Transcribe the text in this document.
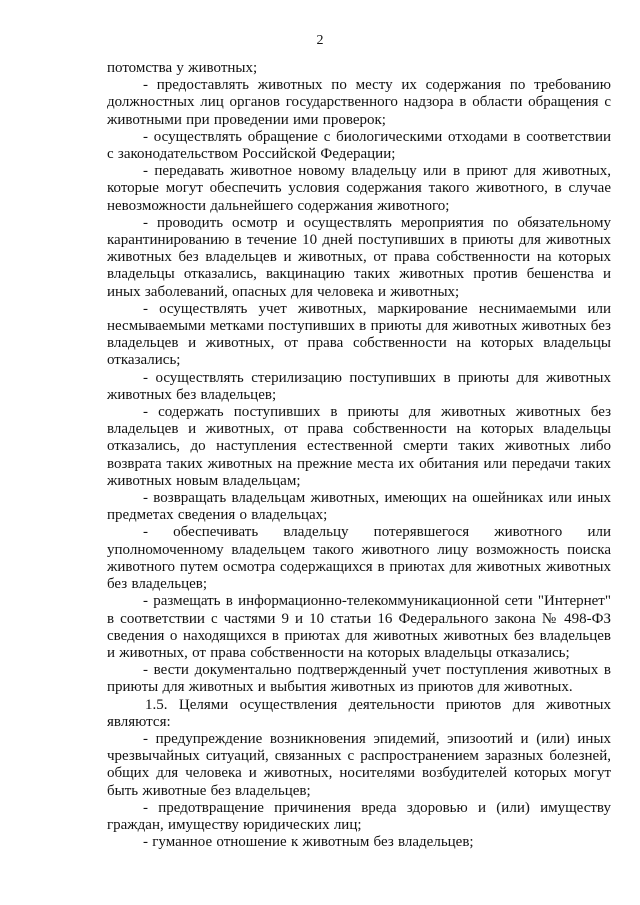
2

потомства у животных;

- предоставлять животных по месту их содержания по требованию должностных лиц органов государственного надзора в области обращения с животными при проведении ими проверок;

- осуществлять обращение с биологическими отходами в соответствии с законодательством Российской Федерации;

- передавать животное новому владельцу или в приют для животных, которые могут обеспечить условия содержания такого животного, в случае невозможности дальнейшего содержания животного;

- проводить осмотр и осуществлять мероприятия по обязательному карантинированию в течение 10 дней поступивших в приюты для животных животных без владельцев и животных, от права собственности на которых владельцы отказались, вакцинацию таких животных против бешенства и иных заболеваний, опасных для человека и животных;

- осуществлять учет животных, маркирование неснимаемыми или несмываемыми метками поступивших в приюты для животных животных без владельцев и животных, от права собственности на которых владельцы отказались;

- осуществлять стерилизацию поступивших в приюты для животных животных без владельцев;

- содержать поступивших в приюты для животных животных без владельцев и животных, от права собственности на которых владельцы отказались, до наступления естественной смерти таких животных либо возврата таких животных на прежние места их обитания или передачи таких животных новым владельцам;

- возвращать владельцам животных, имеющих на ошейниках или иных предметах сведения о владельцах;

- обеспечивать владельцу потерявшегося животного или уполномоченному владельцем такого животного лицу возможность поиска животного путем осмотра содержащихся в приютах для животных животных без владельцев;

- размещать в информационно-телекоммуникационной сети "Интернет" в соответствии с частями 9 и 10 статьи 16 Федерального закона № 498-ФЗ сведения о находящихся в приютах для животных животных без владельцев и животных, от права собственности на которых владельцы отказались;

- вести документально подтвержденный учет поступления животных в приюты для животных и выбытия животных из приютов для животных.

1.5. Целями осуществления деятельности приютов для животных являются:

- предупреждение возникновения эпидемий, эпизоотий и (или) иных чрезвычайных ситуаций, связанных с распространением заразных болезней, общих для человека и животных, носителями возбудителей которых могут быть животные без владельцев;

- предотвращение причинения вреда здоровью и (или) имуществу граждан, имуществу юридических лиц;

- гуманное отношение к животным без владельцев;
